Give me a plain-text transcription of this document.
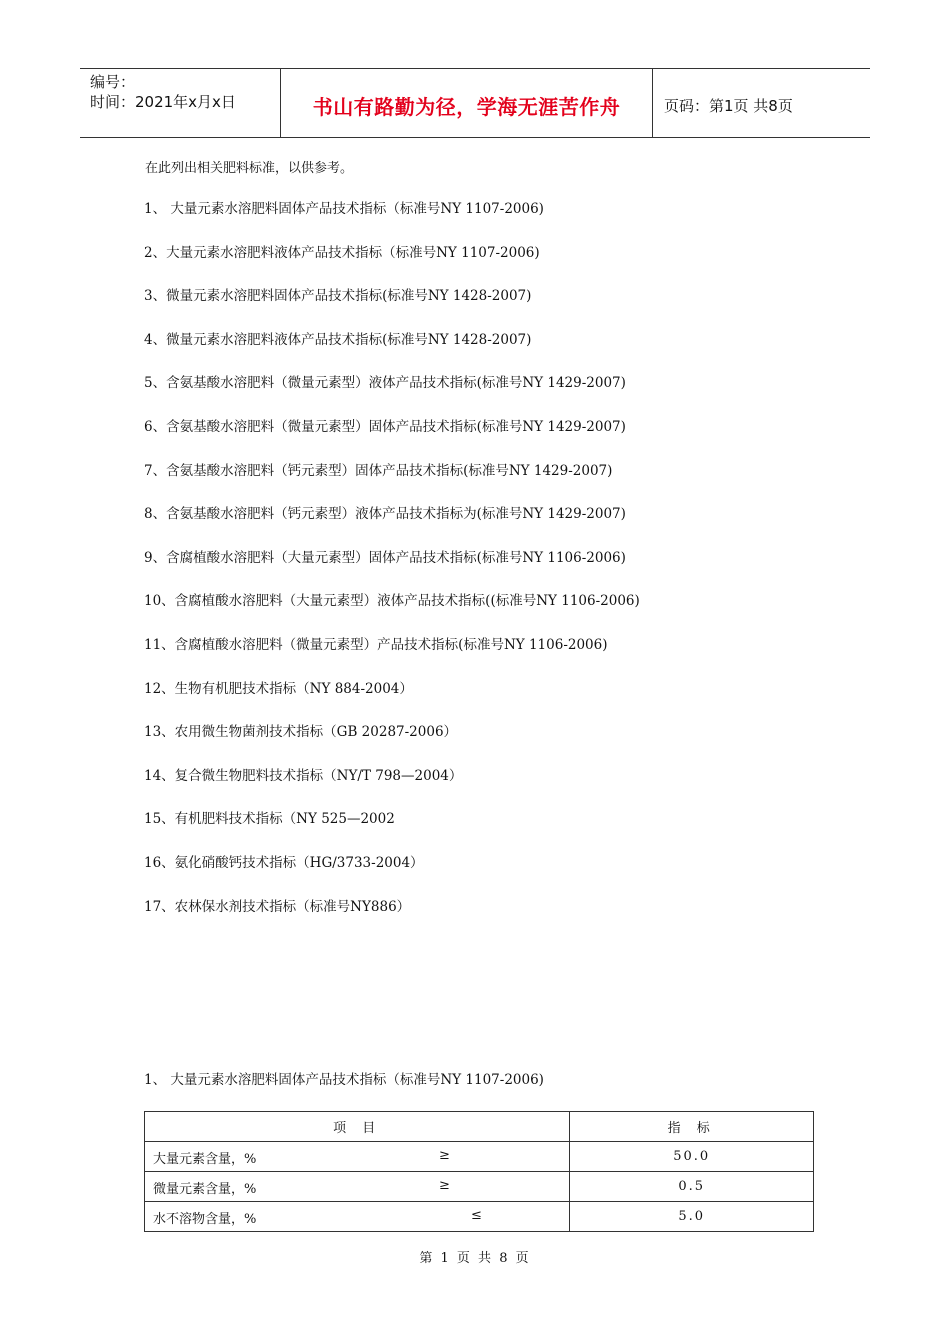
编号：
时间：2021年x月x日	书山有路勤为径，学海无涯苦作舟	页码：第1页 共8页
在此列出相关肥料标准，以供参考。
1、 大量元素水溶肥料固体产品技术指标（标准号NY 1107-2006)
2、大量元素水溶肥料液体产品技术指标（标准号NY 1107-2006)
3、微量元素水溶肥料固体产品技术指标(标准号NY 1428-2007)
4、微量元素水溶肥料液体产品技术指标(标准号NY 1428-2007)
5、含氨基酸水溶肥料（微量元素型）液体产品技术指标(标准号NY 1429-2007)
6、含氨基酸水溶肥料（微量元素型）固体产品技术指标(标准号NY 1429-2007)
7、含氨基酸水溶肥料（钙元素型）固体产品技术指标(标准号NY 1429-2007)
8、含氨基酸水溶肥料（钙元素型）液体产品技术指标为(标准号NY 1429-2007)
9、含腐植酸水溶肥料（大量元素型）固体产品技术指标(标准号NY 1106-2006)
10、含腐植酸水溶肥料（大量元素型）液体产品技术指标((标准号NY 1106-2006)
11、含腐植酸水溶肥料（微量元素型）产品技术指标(标准号NY 1106-2006)
12、生物有机肥技术指标（NY 884-2004）
13、农用微生物菌剂技术指标（GB 20287-2006）
14、复合微生物肥料技术指标（NY/T 798—2004）
15、有机肥料技术指标（NY 525—2002
16、氨化硝酸钙技术指标（HG/3733-2004）
17、农林保水剂技术指标（标准号NY886）
1、 大量元素水溶肥料固体产品技术指标（标准号NY 1107-2006)
项 目	指 标

大量元素含量，% ≥	50.0

微量元素含量，% ≥	0.5

水不溶物含量，% ≤	5.0
第 1 页 共 8 页
